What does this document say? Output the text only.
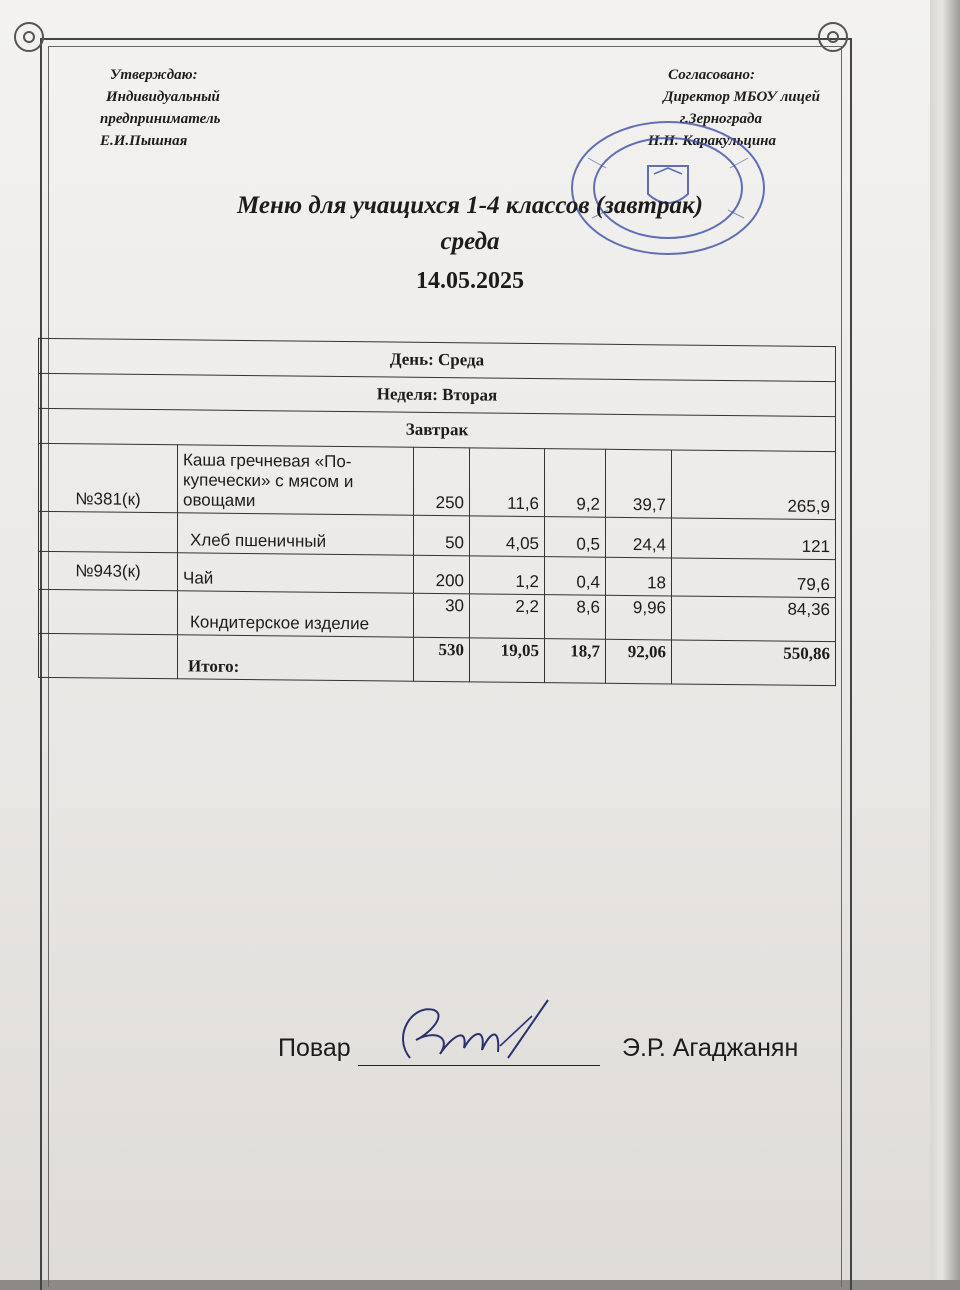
Утверждаю:
Индивидуальный
предприниматель
Е.И.Пышная
Согласовано:
Директор МБОУ лицей
г.Зернограда
Н.Н. Каракульцина
Меню для учащихся 1-4 классов (завтрак)
среда
14.05.2025
День: Среда						
Неделя: Вторая						
Завтрак						
№381(к)	Каша гречневая «По-купечески» с мясом и овощами	250	11,6	9,2	39,7	265,9
	Хлеб пшеничный	50	4,05	0,5	24,4	121
№943(к)	Чай	200	1,2	0,4	18	79,6
	Кондитерское изделие	30	2,2	8,6	9,96	84,36
	Итого:	530	19,05	18,7	92,06	550,86
Повар	Э.Р. Агаджанян
